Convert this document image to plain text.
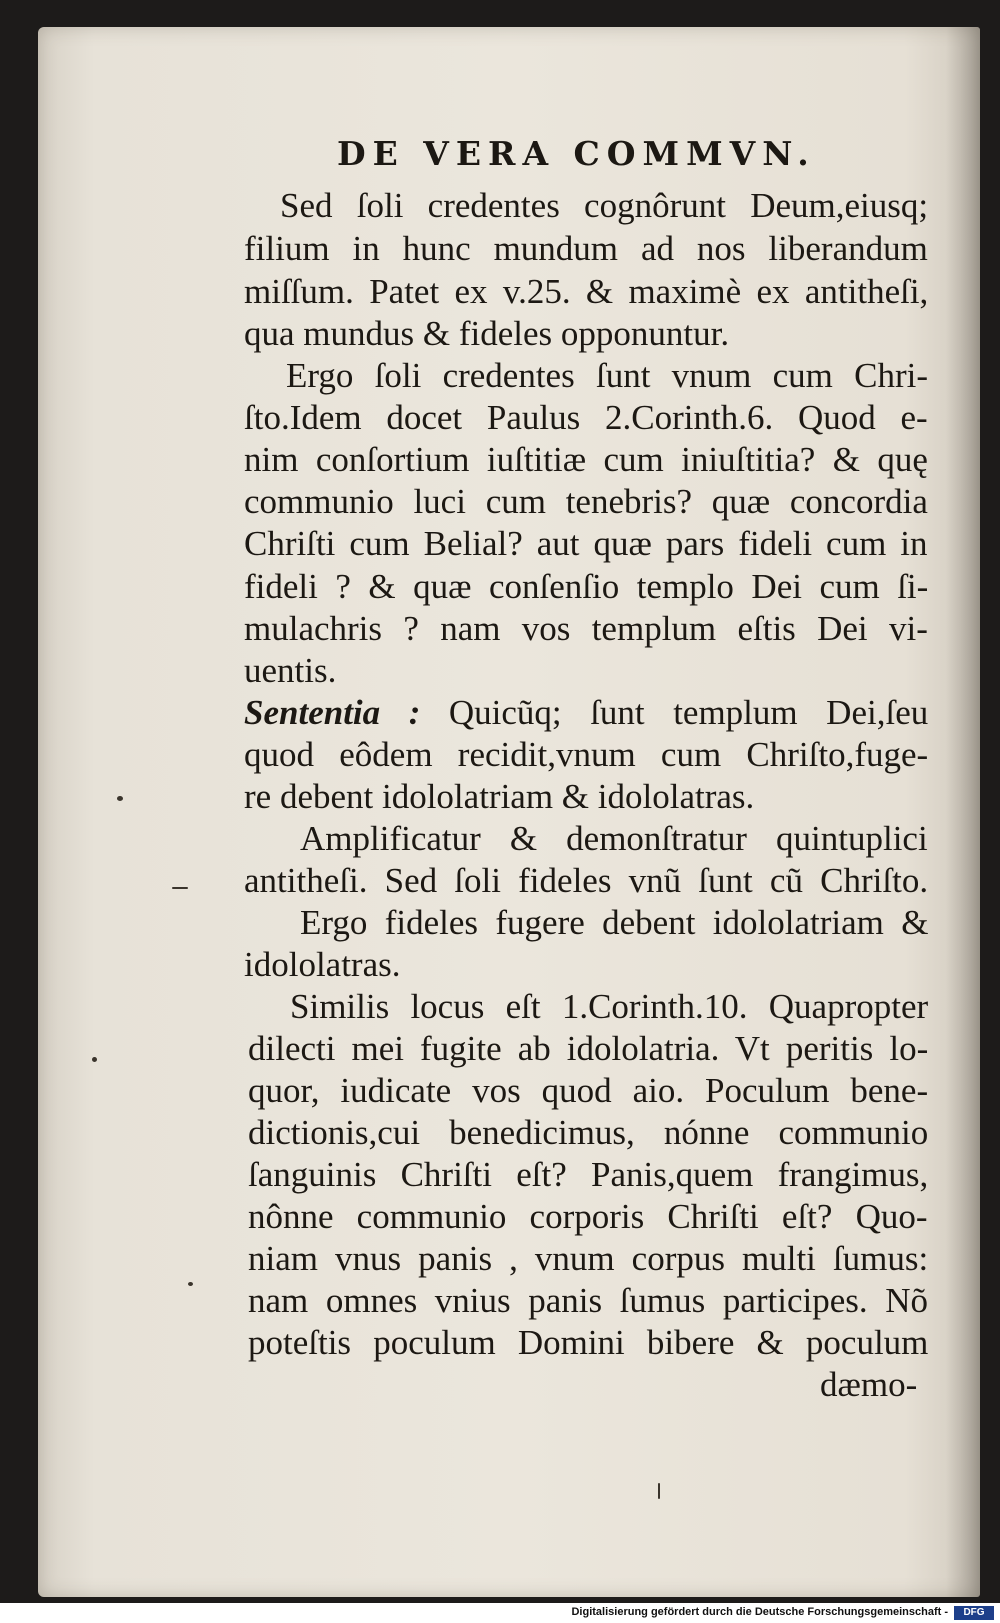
DE VERA COMMVN.
Sed ſoli credentes cognôrunt Deum,eiusq;
filium in hunc mundum ad nos liberandum
miſſum. Patet ex v.25. & maximè ex antitheſi,
qua mundus & fideles opponuntur.
Ergo ſoli credentes ſunt vnum cum Chri-
ſto.Idem docet Paulus 2.Corinth.6. Quod e-
nim conſortium iuſtitiæ cum iniuſtitia? & quę
communio luci cum tenebris? quæ concordia
Chriſti cum Belial? aut quæ pars fideli cum in
fideli ? & quæ conſenſio templo Dei cum ſi-
mulachris ? nam vos templum eſtis Dei vi-
uentis.
Sententia : Quicũq; ſunt templum Dei,ſeu
quod eôdem recidit,vnum cum Chriſto,fuge-
re debent idololatriam & idololatras.
Amplificatur & demonſtratur quintuplici
antitheſi. Sed ſoli fideles vnũ ſunt cũ Chriſto.
Ergo fideles fugere debent idololatriam &
idololatras.
Similis locus eſt 1.Corinth.10. Quapropter
dilecti mei fugite ab idololatria. Vt peritis lo-
quor, iudicate vos quod aio. Poculum bene-
dictionis,cui benedicimus, nónne communio
ſanguinis Chriſti eſt? Panis,quem frangimus,
nônne communio corporis Chriſti eſt? Quo-
niam vnus panis , vnum corpus multi ſumus:
nam omnes vnius panis ſumus participes. Nõ
poteſtis poculum Domini bibere & poculum
dæmo-
Digitalisierung gefördert durch die Deutsche Forschungsgemeinschaft -	DFG
